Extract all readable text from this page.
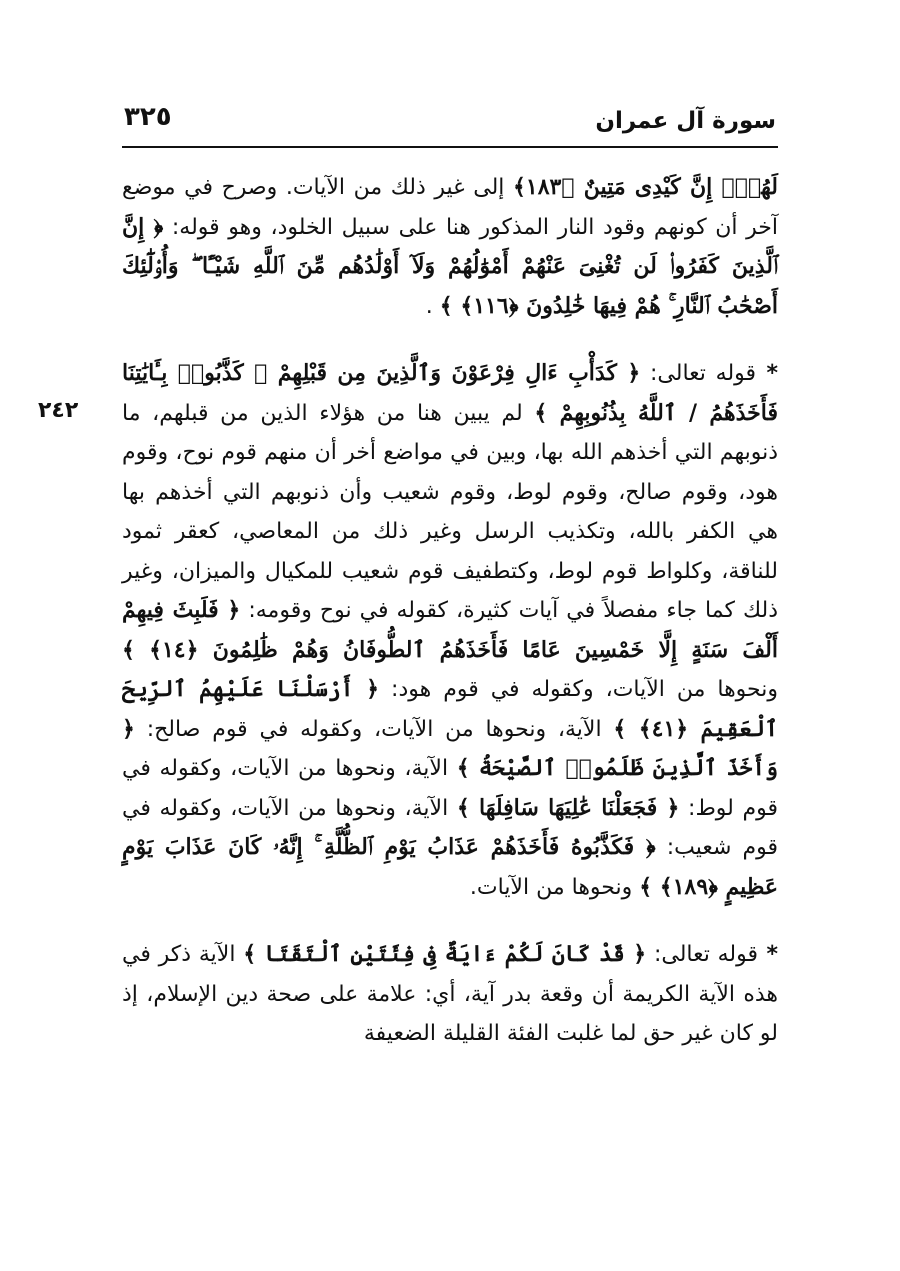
٣٢٥	سورة آل عمران
٢٤٢

لَهُمْۚ إِنَّ كَيْدِى مَتِينٌ ﴿١٨٣﴾ إلى غير ذلك من الآيات. وصرح في موضع آخر أن كونهم وقود النار المذكور هنا على سبيل الخلود، وهو قوله: ﴿ إِنَّ ٱلَّذِينَ كَفَرُوا۟ لَن تُغْنِىَ عَنْهُمْ أَمْوَٰلُهُمْ وَلَآ أَوْلَٰدُهُم مِّنَ ٱللَّهِ شَيْـًٔا ۖ وَأُو۟لَٰٓئِكَ أَصْحَٰبُ ٱلنَّارِ ۚ هُمْ فِيهَا خَٰلِدُونَ ﴿١١٦﴾ ﴾ .

* قوله تعالى: ﴿ كَدَأْبِ ءَالِ فِرْعَوْنَ وَٱلَّذِينَ مِن قَبْلِهِمْ ۚ كَذَّبُوا۟ بِـَٔايَٰتِنَا فَأَخَذَهُمُ / ٱللَّهُ بِذُنُوبِهِمْ ﴾ لم يبين هنا من هؤلاء الذين من قبلهم، ما ذنوبهم التي أخذهم الله بها، وبين في مواضع أخر أن منهم قوم نوح، وقوم هود، وقوم صالح، وقوم لوط، وقوم شعيب وأن ذنوبهم التي أخذهم بها هي الكفر بالله، وتكذيب الرسل وغير ذلك من المعاصي، كعقر ثمود للناقة، وكلواط قوم لوط، وكتطفيف قوم شعيب للمكيال والميزان، وغير ذلك كما جاء مفصلاً في آيات كثيرة، كقوله في نوح وقومه: ﴿ فَلَبِثَ فِيهِمْ أَلْفَ سَنَةٍ إِلَّا خَمْسِينَ عَامًا فَأَخَذَهُمُ ٱلطُّوفَانُ وَهُمْ ظَٰلِمُونَ ﴿١٤﴾ ﴾ ونحوها من الآيات، وكقوله في قوم هود: ﴿ أَرْسَلْنَا عَلَيْهِمُ ٱلرِّيحَ ٱلْعَقِيمَ ﴿٤١﴾ ﴾ الآية، ونحوها من الآيات، وكقوله في قوم صالح: ﴿ وَأَخَذَ ٱلَّذِينَ ظَلَمُوا۟ ٱلصَّيْحَةُ ﴾ الآية، ونحوها من الآيات، وكقوله في قوم لوط: ﴿ فَجَعَلْنَا عَٰلِيَهَا سَافِلَهَا ﴾ الآية، ونحوها من الآيات، وكقوله في قوم شعيب: ﴿ فَكَذَّبُوهُ فَأَخَذَهُمْ عَذَابُ يَوْمِ ٱلظُّلَّةِ ۚ إِنَّهُۥ كَانَ عَذَابَ يَوْمٍ عَظِيمٍ ﴿١٨٩﴾ ﴾ ونحوها من الآيات.

* قوله تعالى: ﴿ قَدْ كَانَ لَكُمْ ءَايَةٌ فِى فِئَتَيْنِ ٱلْتَقَتَا ﴾ الآية ذكر في هذه الآية الكريمة أن وقعة بدر آية، أي: علامة على صحة دين الإسلام، إذ لو كان غير حق لما غلبت الفئة القليلة الضعيفة
